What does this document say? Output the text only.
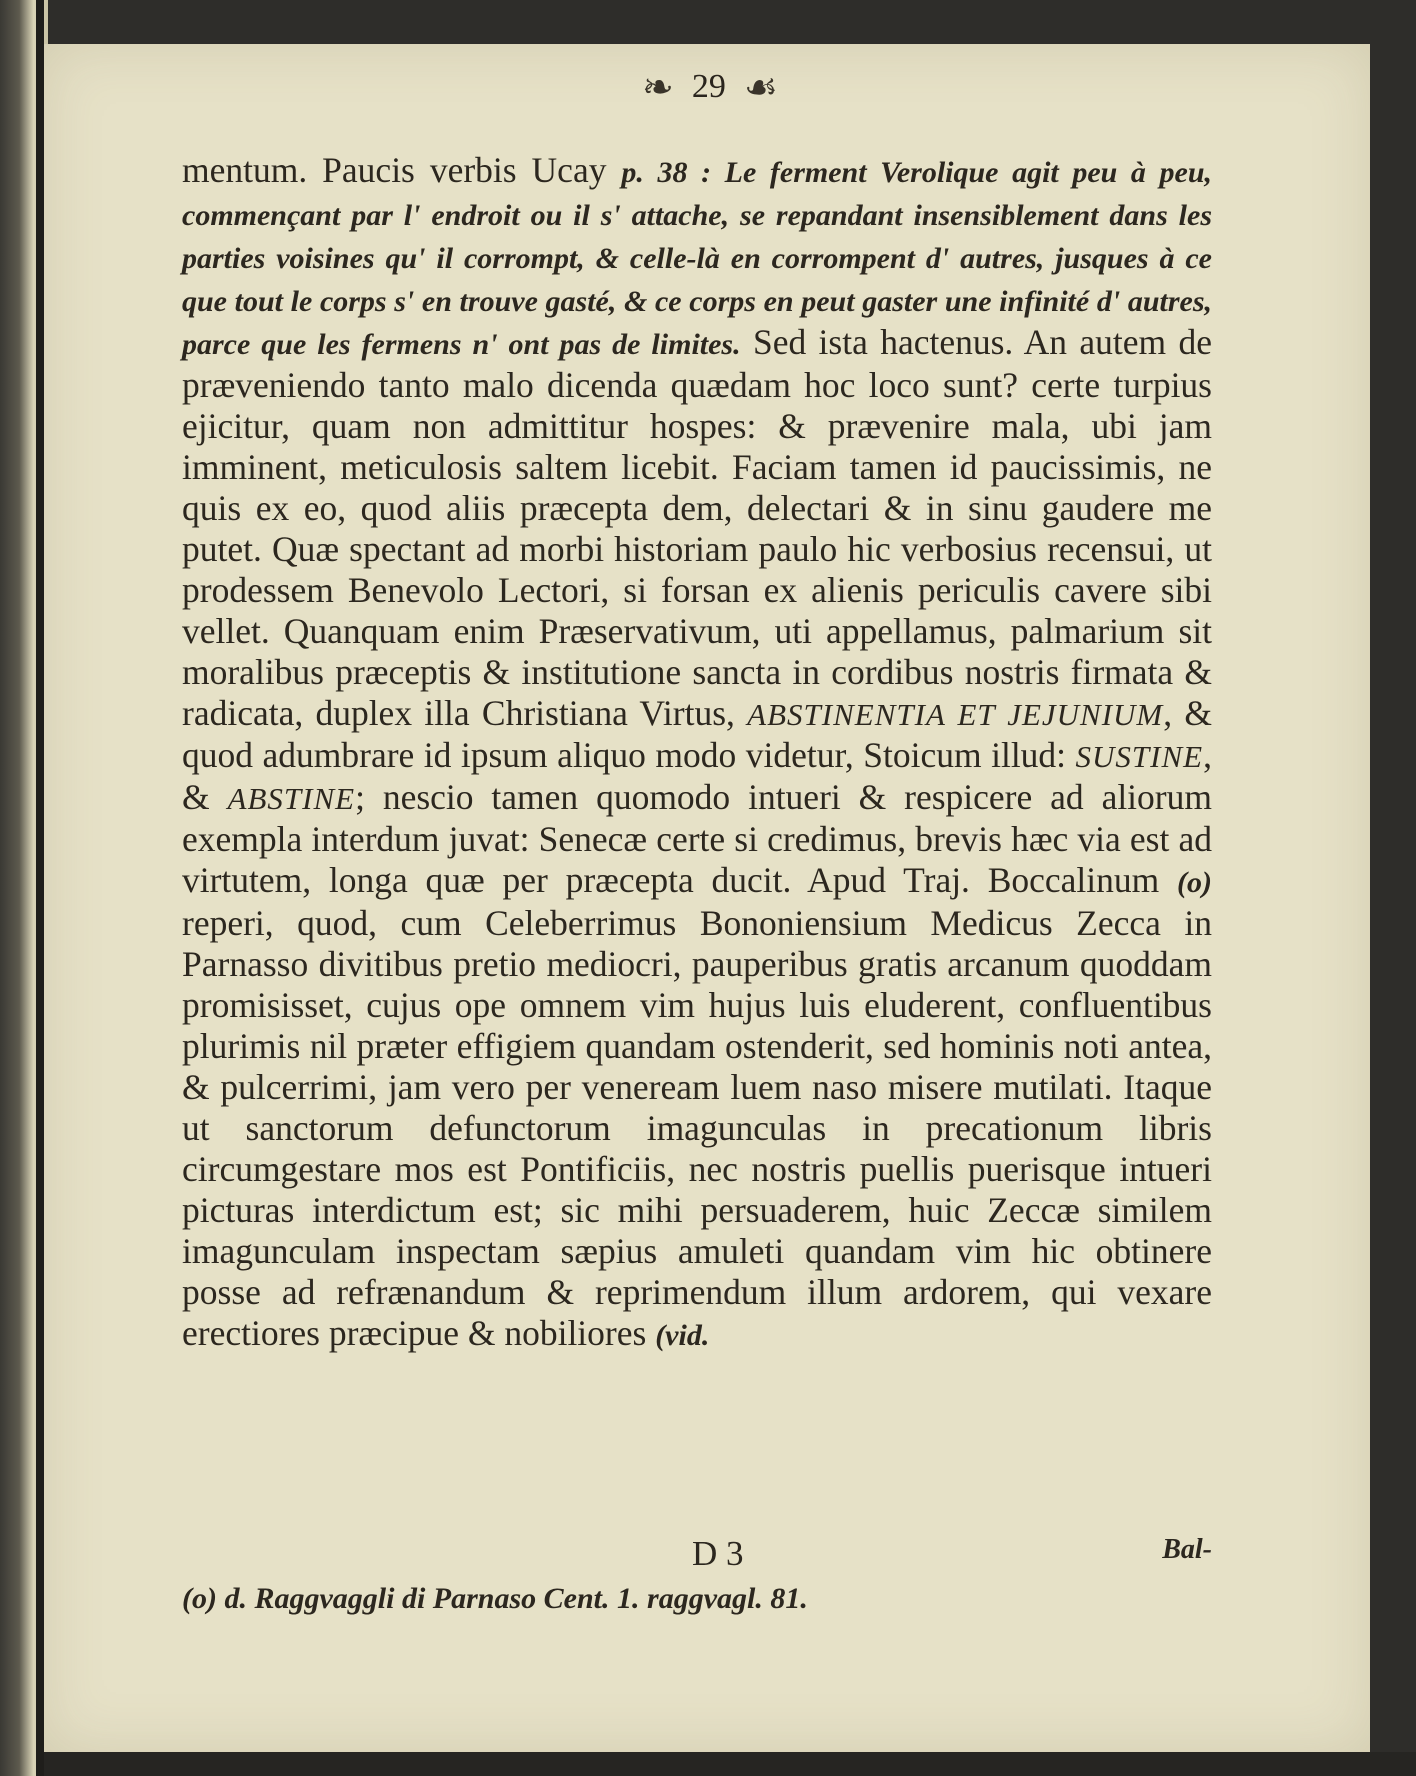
❧ 29 ☙
mentum. Paucis verbis Ucay p. 38 : Le ferment Verolique agit peu à peu, commençant par l' endroit ou il s' attache, se repandant insensiblement dans les parties voisines qu' il corrompt, & celle-là en corrompent d' autres, jusques à ce que tout le corps s' en trouve gasté, & ce corps en peut gaster une infinité d' autres, parce que les fermens n' ont pas de limites. Sed ista hactenus. An autem de præveniendo tanto malo dicenda quædam hoc loco sunt? certe turpius ejicitur, quam non admittitur hospes: & prævenire mala, ubi jam imminent, meticulosis saltem licebit. Faciam tamen id paucissimis, ne quis ex eo, quod aliis præcepta dem, delectari & in sinu gaudere me putet. Quæ spectant ad morbi historiam paulo hic verbosius recensui, ut prodessem Benevolo Lectori, si forsan ex alienis periculis cavere sibi vellet. Quanquam enim Præservativum, uti appellamus, palmarium sit moralibus præceptis & institutione sancta in cordibus nostris firmata & radicata, duplex illa Christiana Virtus, ABSTINENTIA ET JEJUNIUM, & quod adumbrare id ipsum aliquo modo videtur, Stoicum illud: SUSTINE, & ABSTINE; nescio tamen quomodo intueri & respicere ad aliorum exempla interdum juvat: Senecæ certe si credimus, brevis hæc via est ad virtutem, longa quæ per præcepta ducit. Apud Traj. Boccalinum (o) reperi, quod, cum Celeberrimus Bononiensium Medicus Zecca in Parnasso divitibus pretio mediocri, pauperibus gratis arcanum quoddam promisisset, cujus ope omnem vim hujus luis eluderent, confluentibus plurimis nil præter effigiem quandam ostenderit, sed hominis noti antea, & pulcerrimi, jam vero per veneream luem naso misere mutilati. Itaque ut sanctorum defunctorum imagunculas in precationum libris circumgestare mos est Pontificiis, nec nostris puellis puerisque intueri picturas interdictum est; sic mihi persuaderem, huic Zeccæ similem imagunculam inspectam sæpius amuleti quandam vim hic obtinere posse ad refrænandum & reprimendum illum ardorem, qui vexare erectiores præcipue & nobiliores (vid.
D 3	Bal-
(o) d. Raggvaggli di Parnaso Cent. 1. raggvagl. 81.
